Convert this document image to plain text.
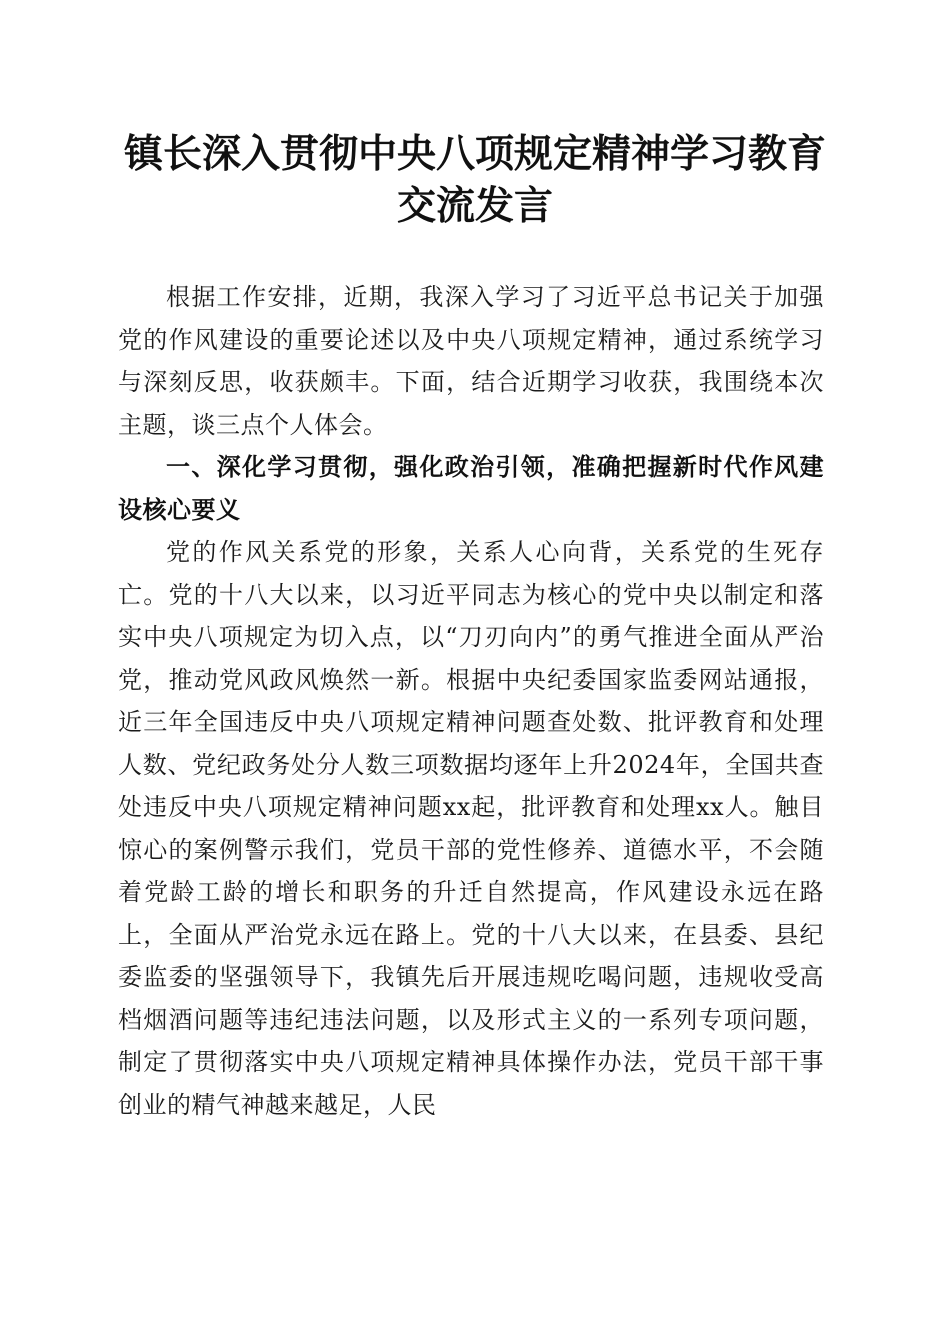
镇长深入贯彻中央八项规定精神学习教育交流发言

根据工作安排，近期，我深入学习了习近平总书记关于加强党的作风建设的重要论述以及中央八项规定精神，通过系统学习与深刻反思，收获颇丰。下面，结合近期学习收获，我围绕本次主题，谈三点个人体会。

一、深化学习贯彻，强化政治引领，准确把握新时代作风建设核心要义

党的作风关系党的形象，关系人心向背，关系党的生死存亡。党的十八大以来，以习近平同志为核心的党中央以制定和落实中央八项规定为切入点，以“刀刃向内”的勇气推进全面从严治党，推动党风政风焕然一新。根据中央纪委国家监委网站通报，近三年全国违反中央八项规定精神问题查处数、批评教育和处理人数、党纪政务处分人数三项数据均逐年上升2024年，全国共查处违反中央八项规定精神问题xx起，批评教育和处理xx人。触目惊心的案例警示我们，党员干部的党性修养、道德水平，不会随着党龄工龄的增长和职务的升迁自然提高，作风建设永远在路上，全面从严治党永远在路上。党的十八大以来，在县委、县纪委监委的坚强领导下，我镇先后开展违规吃喝问题，违规收受高档烟酒问题等违纪违法问题，以及形式主义的一系列专项问题，制定了贯彻落实中央八项规定精神具体操作办法，党员干部干事创业的精气神越来越足，人民
